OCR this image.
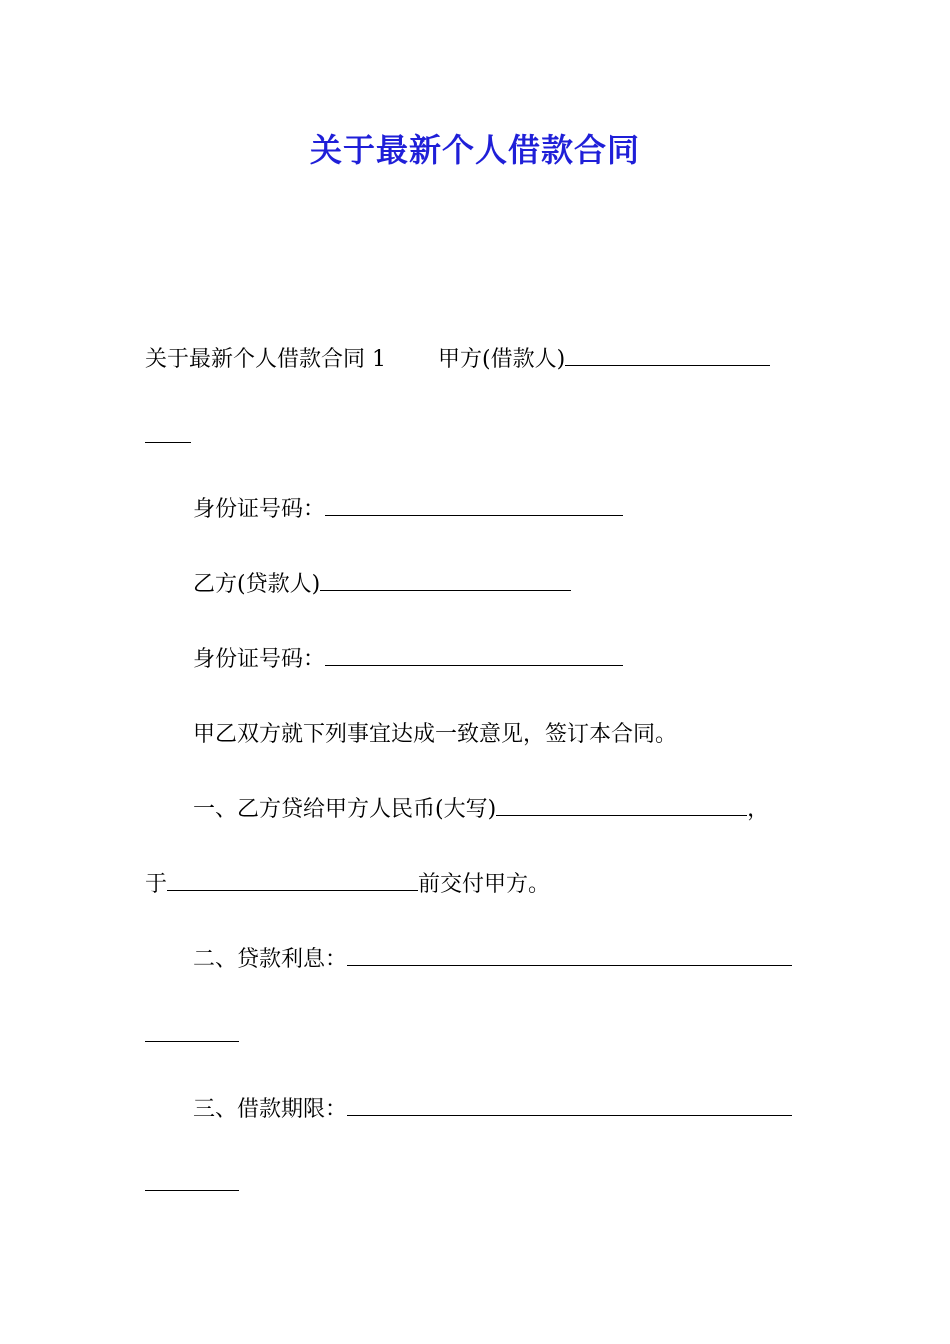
关于最新个人借款合同
关于最新个人借款合同 1 甲方(借款人)
身份证号码：
乙方(贷款人)
身份证号码：
甲乙双方就下列事宜达成一致意见，签订本合同。
一、乙方贷给甲方人民币(大写)	，
于	前交付甲方。
二、贷款利息：
三、借款期限：
